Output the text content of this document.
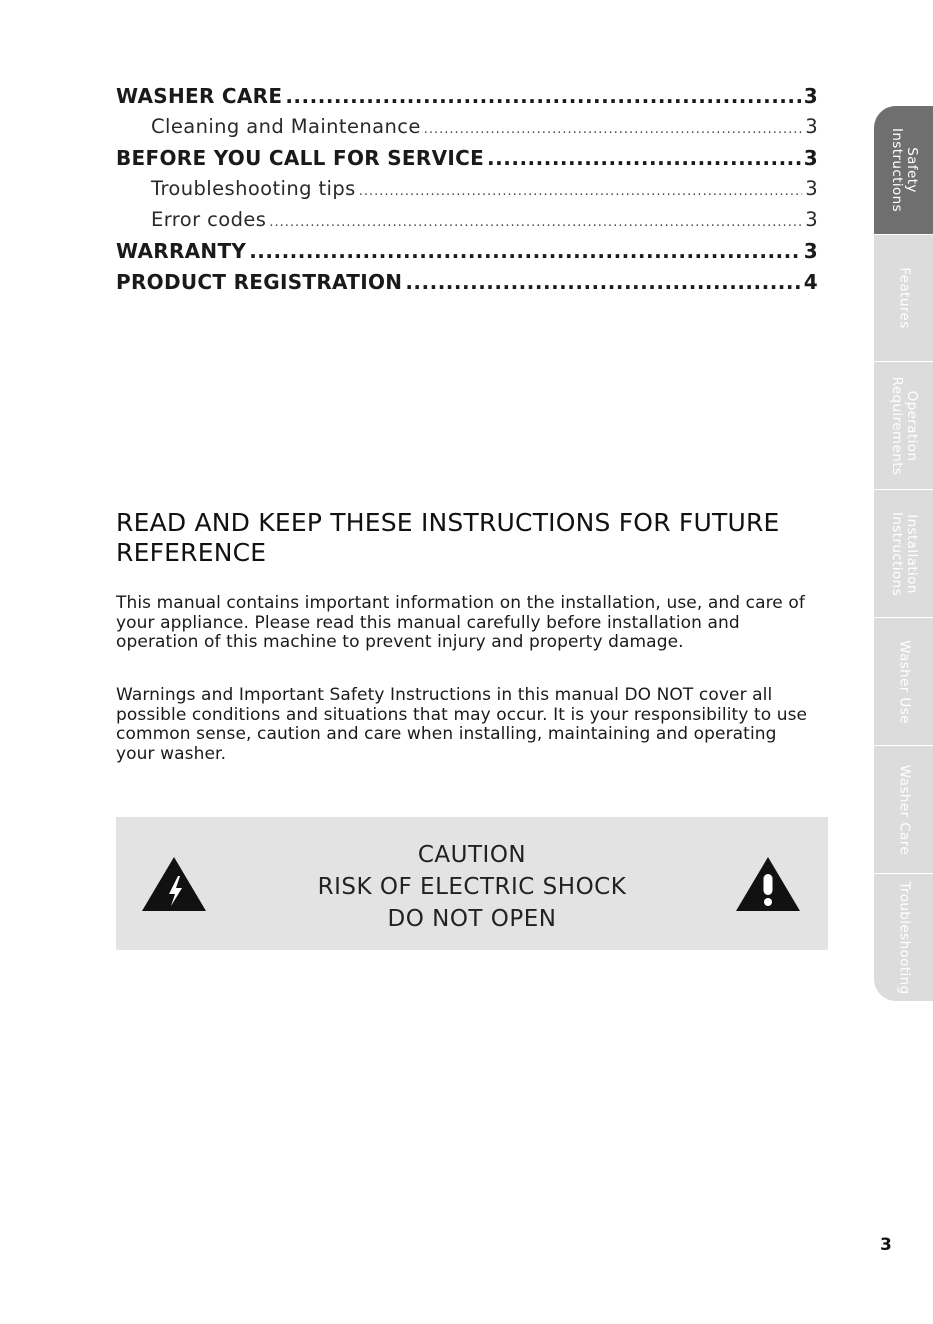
WASHER CARE .....	3
Cleaning and Maintenance .....	3
BEFORE YOU CALL FOR SERVICE .....	3
Troubleshooting tips .....	3
Error codes .....	3
WARRANTY .....	3
PRODUCT REGISTRATION .....	4
READ AND KEEP THESE INSTRUCTIONS FOR FUTURE REFERENCE

This manual contains important information on the installation, use, and care of your appliance. Please read this manual carefully before installation and operation of this machine to prevent injury and property damage.

Warnings and Important Safety Instructions in this manual DO NOT cover all possible conditions and situations that may occur. It is your responsibility to use common sense, caution and care when installing, maintaining and operating your washer.

CAUTION
RISK OF ELECTRIC SHOCK
DO NOT OPEN
Safety
Instructions
Features
Operation
Requirements
Installation
Instructions
Washer Use
Washer Care
Troubleshooting
3
